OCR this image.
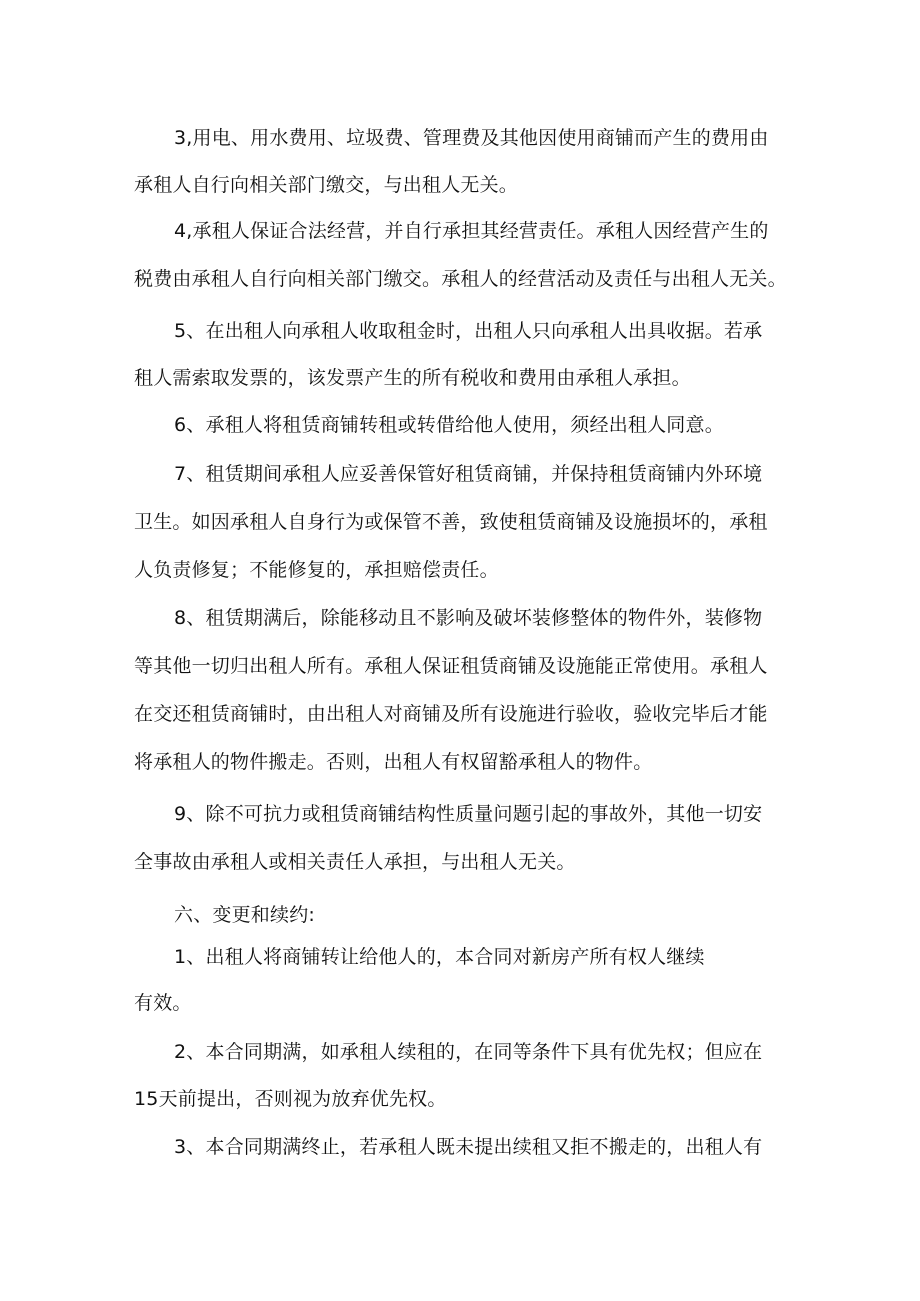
3,用电、用水费用、垃圾费、管理费及其他因使用商铺而产生的费用由
承租人自行向相关部门缴交，与出租人无关。
4,承租人保证合法经营，并自行承担其经营责任。承租人因经营产生的
税费由承租人自行向相关部门缴交。承租人的经营活动及责任与出租人无关。
5、在出租人向承租人收取租金时，出租人只向承租人出具收据。若承
租人需索取发票的，该发票产生的所有税收和费用由承租人承担。
6、承租人将租赁商铺转租或转借给他人使用，须经出租人同意。
7、租赁期间承租人应妥善保管好租赁商铺，并保持租赁商铺内外环境
卫生。如因承租人自身行为或保管不善，致使租赁商铺及设施损坏的，承租
人负责修复；不能修复的，承担赔偿责任。
8、租赁期满后，除能移动且不影响及破坏装修整体的物件外，装修物
等其他一切归出租人所有。承租人保证租赁商铺及设施能正常使用。承租人
在交还租赁商铺时，由出租人对商铺及所有设施进行验收，验收完毕后才能
将承租人的物件搬走。否则，出租人有权留豁承租人的物件。
9、除不可抗力或租赁商铺结构性质量问题引起的事故外，其他一切安
全事故由承租人或相关责任人承担，与出租人无关。
六、变更和续约:
1、出租人将商铺转让给他人的，本合同对新房产所有权人继续
有效。
2、本合同期满，如承租人续租的，在同等条件下具有优先权；但应在
15天前提出，否则视为放弃优先权。
3、本合同期满终止，若承租人既未提出续租又拒不搬走的，出租人有
